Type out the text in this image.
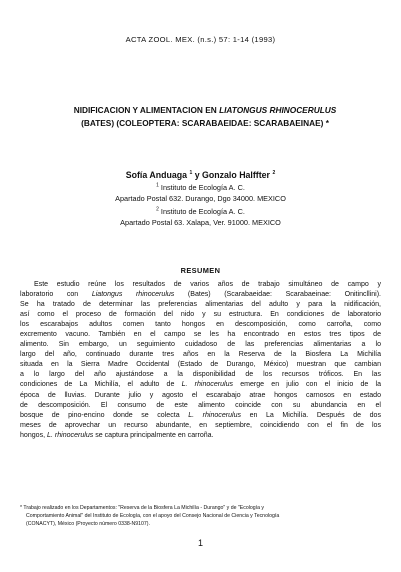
ACTA ZOOL. MEX. (n.s.) 57: 1-14 (1993)
NIDIFICACION Y ALIMENTACION EN LIATONGUS RHINOCERULUS
(BATES) (COLEOPTERA: SCARABAEIDAE: SCARABAEINAE) *
Sofía Anduaga $^1$ y Gonzalo Halffter $^2$
$^1$ Instituto de Ecología A. C.
Apartado Postal 632. Durango, Dgo 34000. MEXICO
$^2$ Instituto de Ecología A. C.
Apartado Postal 63. Xalapa, Ver. 91000. MEXICO
RESUMEN
Este estudio reúne los resultados de varios años de trabajo simultáneo de campo y
laboratorio con Liatongus rhinocerulus (Bates) (Scarabaeidae: Scarabaeinae: Onitincllini).
Se ha tratado de determinar las preferencias alimentarias del adulto y para la nidificación,
así como el proceso de formación del nido y su estructura. En condiciones de laboratorio
los escarabajos adultos comen tanto hongos en descomposición, como carroña, como
excremento vacuno. También en el campo se les ha encontrado en estos tres tipos de
alimento. Sin embargo, un seguimiento cuidadoso de las preferencias alimentarias a lo
largo del año, continuado durante tres años en la Reserva de la Biosfera La Michilía
situada en la Sierra Madre Occidental (Estado de Durango, México) muestran que cambian
a lo largo del año ajustándose a la disponibilidad de los recursos tróficos. En las
condiciones de La Michilía, el adulto de L. rhinocerulus emerge en julio con el inicio de la
época de lluvias. Durante julio y agosto el escarabajo atrae hongos carnosos en estado
de descomposición. El consumo de este alimento coincide con su abundancia en el
bosque de pino-encino donde se colecta L. rhinocerulus en La Michilía. Después de dos
meses de aprovechar un recurso abundante, en septiembre, coincidiendo con el fin de los
hongos, L. rhinocerulus se captura principalmente en carroña.
* Trabajo realizado en los Departamentos: "Reserva de la Biosfera La Michilía - Durango" y de "Ecología y
Comportamiento Animal" del Instituto de Ecología, con el apoyo del Consejo Nacional de Ciencia y Tecnología
(CONACYT), México (Proyecto número 0338-N9107).
1
